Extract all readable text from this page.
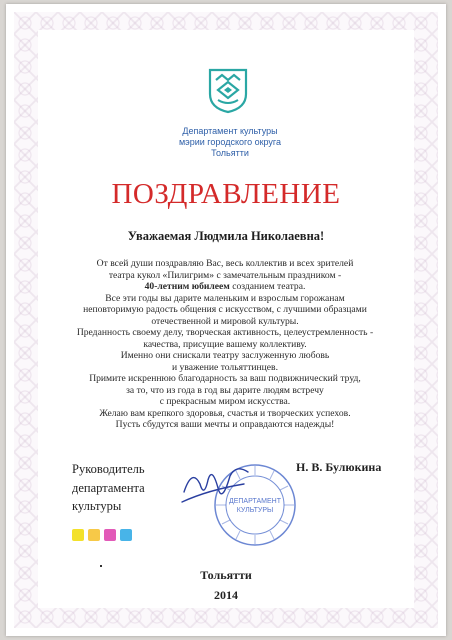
Департамент культуры
мэрии городского округа
Тольятти
ПОЗДРАВЛЕНИЕ
Уважаемая Людмила Николаевна!
От всей души поздравляю Вас, весь коллектив и всех зрителей
театра кукол «Пилигрим» с замечательным праздником -
40-летним юбилеем созданием театра.
Все эти годы вы дарите маленьким и взрослым горожанам
неповторимую радость общения с искусством, с лучшими образцами
отечественной и мировой культуры.
Преданность своему делу, творческая активность, целеустремленность -
качества, присущие вашему коллективу.
Именно они снискали театру заслуженную любовь
и уважение тольяттинцев.
Примите искреннюю благодарность за ваш подвижнический труд,
за то, что из года в год вы дарите людям встречу
с прекрасным миром искусства.
Желаю вам крепкого здоровья, счастья и творческих успехов.
Пусть сбудутся ваши мечты и оправдаются надежды!
Руководитель
департамента
культуры	ДЕПАРТАМЕНТ
КУЛЬТУРЫ
Н. В. Булюкина
Тольятти
2014
